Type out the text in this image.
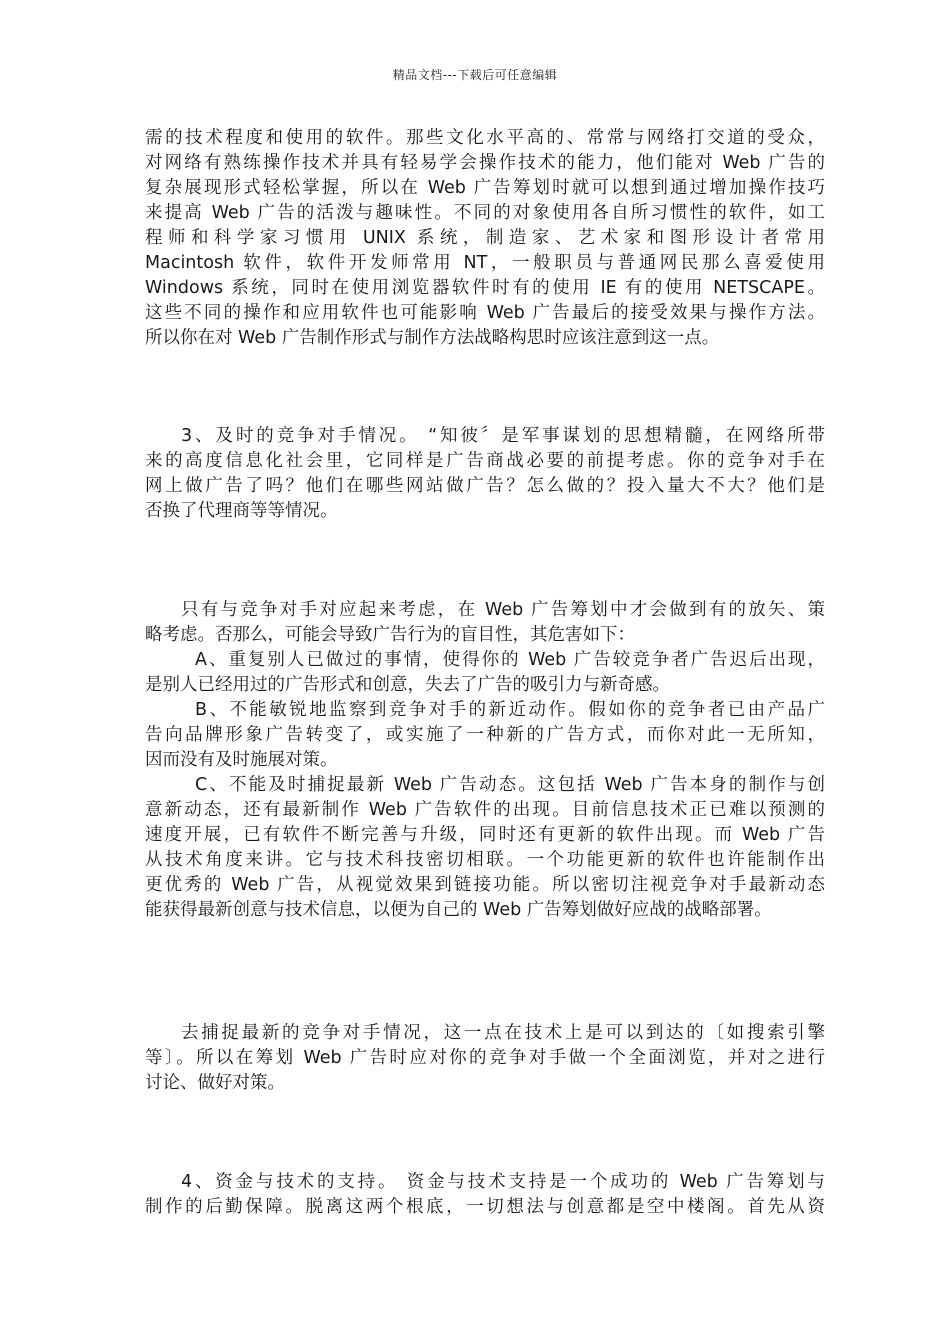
精品文档---下载后可任意编辑
需的技术程度和使用的软件。那些文化水平高的、常常与网络打交道的受众，
对网络有熟练操作技术并具有轻易学会操作技术的能力，他们能对 Web 广告的
复杂展现形式轻松掌握，所以在 Web 广告筹划时就可以想到通过增加操作技巧
来提高 Web 广告的活泼与趣味性。不同的对象使用各自所习惯性的软件，如工
程师和科学家习惯用 UNIX 系统，制造家、艺术家和图形设计者常用
Macintosh 软件，软件开发师常用 NT，一般职员与普通网民那么喜爱使用
Windows 系统，同时在使用浏览器软件时有的使用 IE 有的使用 NETSCAPE。
这些不同的操作和应用软件也可能影响 Web 广告最后的接受效果与操作方法。
所以你在对 Web 广告制作形式与制作方法战略构思时应该注意到这一点。
3、及时的竞争对手情况。 “知彼〞是军事谋划的思想精髓，在网络所带
来的高度信息化社会里，它同样是广告商战必要的前提考虑。你的竞争对手在
网上做广告了吗？他们在哪些网站做广告？怎么做的？投入量大不大？他们是
否换了代理商等等情况。
只有与竞争对手对应起来考虑，在 Web 广告筹划中才会做到有的放矢、策
略考虑。否那么，可能会导致广告行为的盲目性，其危害如下：
A、重复别人已做过的事情，使得你的 Web 广告较竞争者广告迟后出现，
是别人已经用过的广告形式和创意，失去了广告的吸引力与新奇感。
B、不能敏锐地监察到竞争对手的新近动作。假如你的竞争者已由产品广
告向品牌形象广告转变了，或实施了一种新的广告方式，而你对此一无所知，
因而没有及时施展对策。
C、不能及时捕捉最新 Web 广告动态。这包括 Web 广告本身的制作与创
意新动态，还有最新制作 Web 广告软件的出现。目前信息技术正已难以预测的
速度开展，已有软件不断完善与升级，同时还有更新的软件出现。而 Web 广告
从技术角度来讲。它与技术科技密切相联。一个功能更新的软件也许能制作出
更优秀的 Web 广告，从视觉效果到链接功能。所以密切注视竞争对手最新动态
能获得最新创意与技术信息，以便为自己的 Web 广告筹划做好应战的战略部署。
去捕捉最新的竞争对手情况，这一点在技术上是可以到达的〔如搜索引擎
等〕。所以在筹划 Web 广告时应对你的竞争对手做一个全面浏览，并对之进行
讨论、做好对策。
4、资金与技术的支持。 资金与技术支持是一个成功的 Web 广告筹划与
制作的后勤保障。脱离这两个根底，一切想法与创意都是空中楼阁。首先从资
